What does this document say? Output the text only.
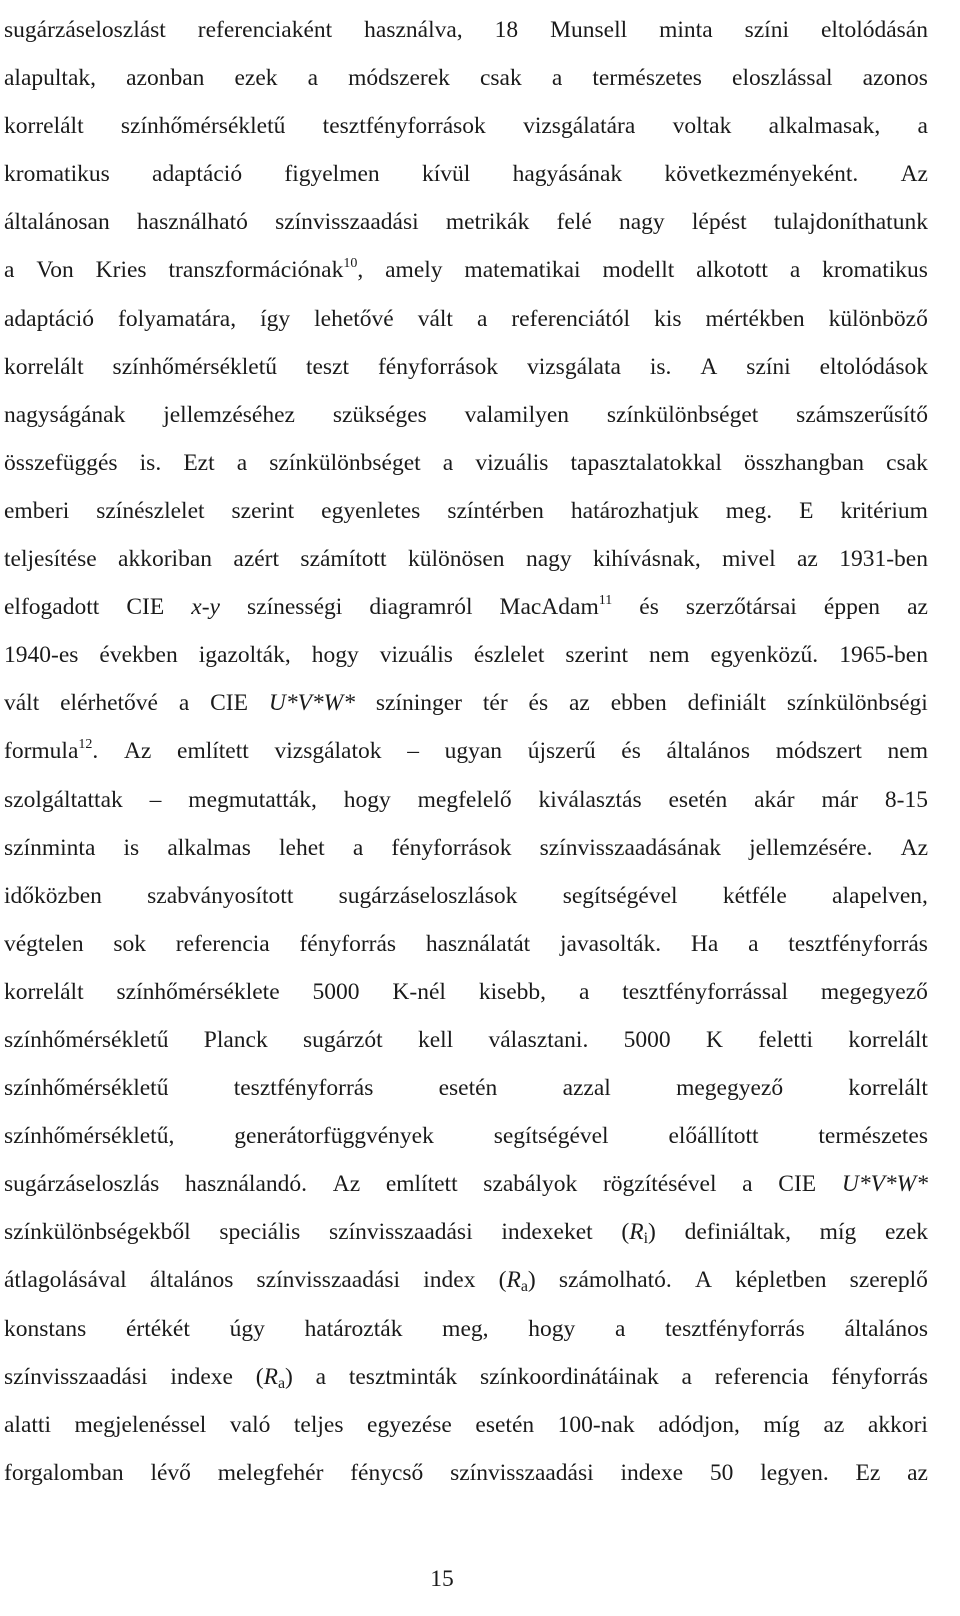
sugárzáseloszlást referenciaként használva, 18 Munsell minta színi eltolódásán
alapultak, azonban ezek a módszerek csak a természetes eloszlással azonos
korrelált színhőmérsékletű tesztfényforrások vizsgálatára voltak alkalmasak, a
kromatikus adaptáció figyelmen kívül hagyásának következményeként. Az
általánosan használható színvisszaadási metrikák felé nagy lépést tulajdoníthatunk
a Von Kries transzformációnak$^{10}$, amely matematikai modellt alkotott a kromatikus
adaptáció folyamatára, így lehetővé vált a referenciától kis mértékben különböző
korrelált színhőmérsékletű teszt fényforrások vizsgálata is. A színi eltolódások
nagyságának jellemzéséhez szükséges valamilyen színkülönbséget számszerűsítő
összefüggés is. Ezt a színkülönbséget a vizuális tapasztalatokkal összhangban csak
emberi színészlelet szerint egyenletes színtérben határozhatjuk meg. E kritérium
teljesítése akkoriban azért számított különösen nagy kihívásnak, mivel az 1931-ben
elfogadott CIE x-y színességi diagramról MacAdam$^{11}$ és szerzőtársai éppen az
1940-es években igazolták, hogy vizuális észlelet szerint nem egyenközű. 1965-ben
vált elérhetővé a CIE U*V*W* színinger tér és az ebben definiált színkülönbségi
formula$^{12}$. Az említett vizsgálatok – ugyan újszerű és általános módszert nem
szolgáltattak – megmutatták, hogy megfelelő kiválasztás esetén akár már 8-15
színminta is alkalmas lehet a fényforrások színvisszaadásának jellemzésére. Az
időközben szabványosított sugárzáseloszlások segítségével kétféle alapelven,
végtelen sok referencia fényforrás használatát javasolták. Ha a tesztfényforrás
korrelált színhőmérséklete 5000 K-nél kisebb, a tesztfényforrással megegyező
színhőmérsékletű Planck sugárzót kell választani. 5000 K feletti korrelált
színhőmérsékletű	tesztfényforrás	esetén	azzal	megegyező	korrelált
színhőmérsékletű,	generátorfüggvények	segítségével	előállított	természetes
sugárzáseloszlás használandó. Az említett szabályok rögzítésével a CIE U*V*W*
színkülönbségekből speciális színvisszaadási indexeket $(R_i)$ definiáltak, míg ezek
átlagolásával általános színvisszaadási index $(R_a)$ számolható. A képletben szereplő
konstans értékét úgy határozták meg, hogy a tesztfényforrás általános
színvisszaadási indexe $(R_a)$ a tesztminták színkoordinátáinak a referencia fényforrás
alatti megjelenéssel való teljes egyezése esetén 100-nak adódjon, míg az akkori
forgalomban lévő melegfehér fénycső színvisszaadási indexe 50 legyen. Ez az
15
